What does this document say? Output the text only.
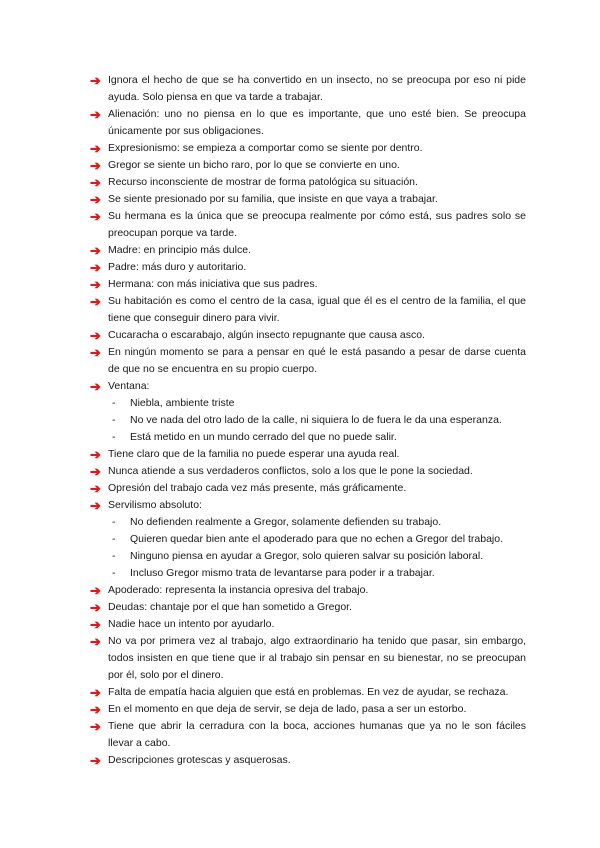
➔ Ignora el hecho de que se ha convertido en un insecto, no se preocupa por eso ni pide ayuda. Solo piensa en que va tarde a trabajar.
➔ Alienación: uno no piensa en lo que es importante, que uno esté bien. Se preocupa únicamente por sus obligaciones.
➔ Expresionismo: se empieza a comportar como se siente por dentro.
➔ Gregor se siente un bicho raro, por lo que se convierte en uno.
➔ Recurso inconsciente de mostrar de forma patológica su situación.
➔ Se siente presionado por su familia, que insiste en que vaya a trabajar.
➔ Su hermana es la única que se preocupa realmente por cómo está, sus padres solo se preocupan porque va tarde.
➔ Madre: en principio más dulce.
➔ Padre: más duro y autoritario.
➔ Hermana: con más iniciativa que sus padres.
➔ Su habitación es como el centro de la casa, igual que él es el centro de la familia, el que tiene que conseguir dinero para vivir.
➔ Cucaracha o escarabajo, algún insecto repugnante que causa asco.
➔ En ningún momento se para a pensar en qué le está pasando a pesar de darse cuenta de que no se encuentra en su propio cuerpo.
➔ Ventana:
-	Niebla, ambiente triste
-	No ve nada del otro lado de la calle, ni siquiera lo de fuera le da una esperanza.
-	Está metido en un mundo cerrado del que no puede salir.
➔ Tiene claro que de la familia no puede esperar una ayuda real.
➔ Nunca atiende a sus verdaderos conflictos, solo a los que le pone la sociedad.
➔ Opresión del trabajo cada vez más presente, más gráficamente.
➔ Servilismo absoluto:
-	No defienden realmente a Gregor, solamente defienden su trabajo.
-	Quieren quedar bien ante el apoderado para que no echen a Gregor del trabajo.
-	Ninguno piensa en ayudar a Gregor, solo quieren salvar su posición laboral.
-	Incluso Gregor mismo trata de levantarse para poder ir a trabajar.
➔ Apoderado: representa la instancia opresiva del trabajo.
➔ Deudas: chantaje por el que han sometido a Gregor.
➔ Nadie hace un intento por ayudarlo.
➔ No va por primera vez al trabajo, algo extraordinario ha tenido que pasar, sin embargo, todos insisten en que tiene que ir al trabajo sin pensar en su bienestar, no se preocupan por él, solo por el dinero.
➔ Falta de empatía hacia alguien que está en problemas. En vez de ayudar, se rechaza.
➔ En el momento en que deja de servir, se deja de lado, pasa a ser un estorbo.
➔ Tiene que abrir la cerradura con la boca, acciones humanas que ya no le son fáciles llevar a cabo.
➔ Descripciones grotescas y asquerosas.
